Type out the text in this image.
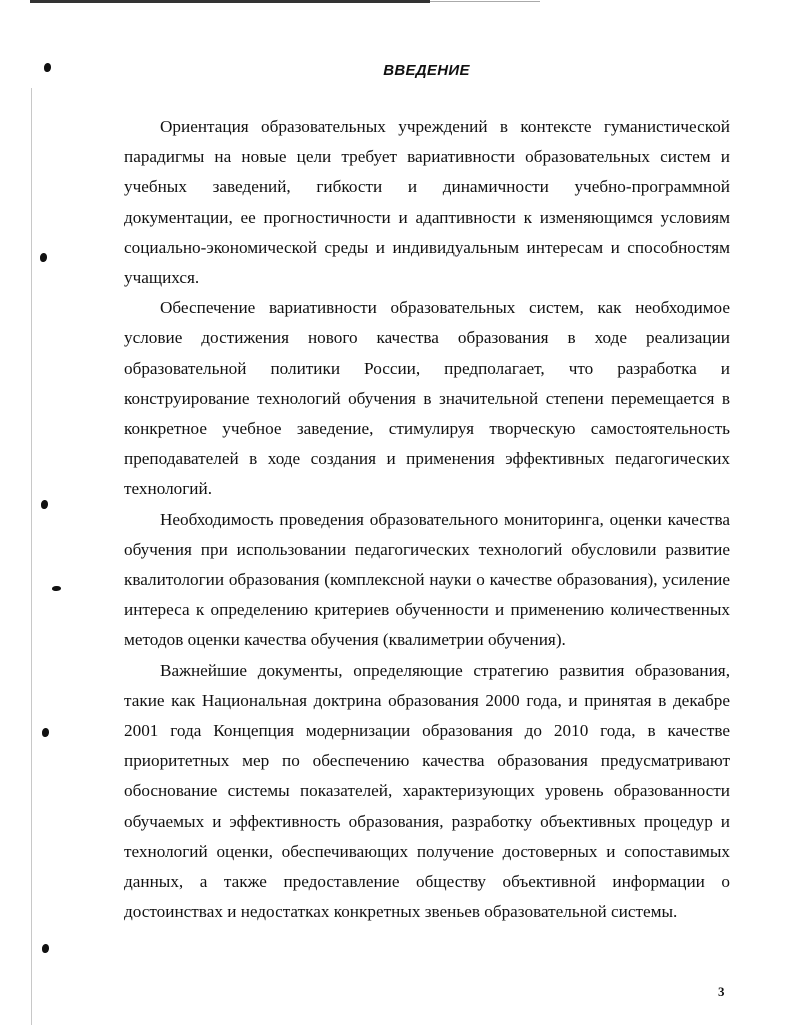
ВВЕДЕНИЕ

Ориентация образовательных учреждений в контексте гуманистической парадигмы на новые цели требует вариативности образовательных систем и учебных заведений, гибкости и динамичности учебно-программной документации, ее прогностичности и адаптивности к изменяющимся условиям социально-экономической среды и индивидуальным интересам и способностям учащихся.

Обеспечение вариативности образовательных систем, как необходимое условие достижения нового качества образования в ходе реализации образовательной политики России, предполагает, что разработка и конструирование технологий обучения в значительной степени перемещается в конкретное учебное заведение, стимулируя творческую самостоятельность преподавателей в ходе создания и применения эффективных педагогических технологий.

Необходимость проведения образовательного мониторинга, оценки качества обучения при использовании педагогических технологий обусловили развитие квалитологии образования (комплексной науки о качестве образования), усиление интереса к определению критериев обученности и применению количественных методов оценки качества обучения (квалиметрии обучения).

Важнейшие документы, определяющие стратегию развития образования, такие как Национальная доктрина образования 2000 года, и принятая в декабре 2001 года Концепция модернизации образования до 2010 года, в качестве приоритетных мер по обеспечению качества образования предусматривают обоснование системы показателей, характеризующих уровень образованности обучаемых и эффективность образования, разработку объективных процедур и технологий оценки, обеспечивающих получение достоверных и сопоставимых данных, а также предоставление обществу объективной информации о достоинствах и недостатках конкретных звеньев образовательной системы.

3
